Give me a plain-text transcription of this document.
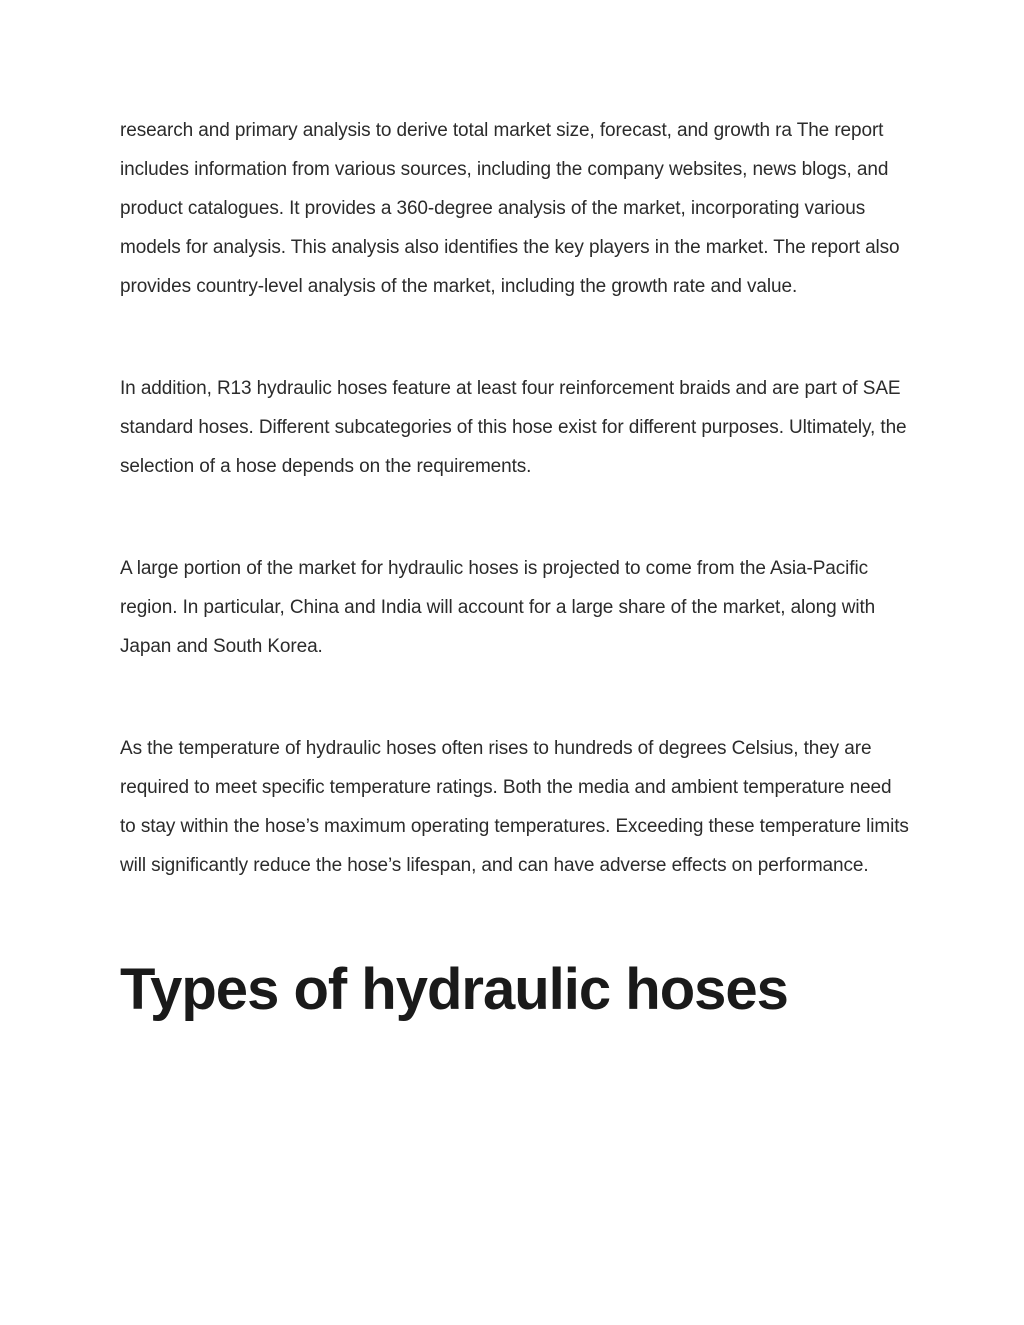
research and primary analysis to derive total market size, forecast, and growth ra The report includes information from various sources, including the company websites, news blogs, and product catalogues. It provides a 360-degree analysis of the market, incorporating various models for analysis. This analysis also identifies the key players in the market. The report also provides country-level analysis of the market, including the growth rate and value.

In addition, R13 hydraulic hoses feature at least four reinforcement braids and are part of SAE standard hoses. Different subcategories of this hose exist for different purposes. Ultimately, the selection of a hose depends on the requirements.

A large portion of the market for hydraulic hoses is projected to come from the Asia-Pacific region. In particular, China and India will account for a large share of the market, along with Japan and South Korea.

As the temperature of hydraulic hoses often rises to hundreds of degrees Celsius, they are required to meet specific temperature ratings. Both the media and ambient temperature need to stay within the hose’s maximum operating temperatures. Exceeding these temperature limits will significantly reduce the hose’s lifespan, and can have adverse effects on performance.

Types of hydraulic hoses
